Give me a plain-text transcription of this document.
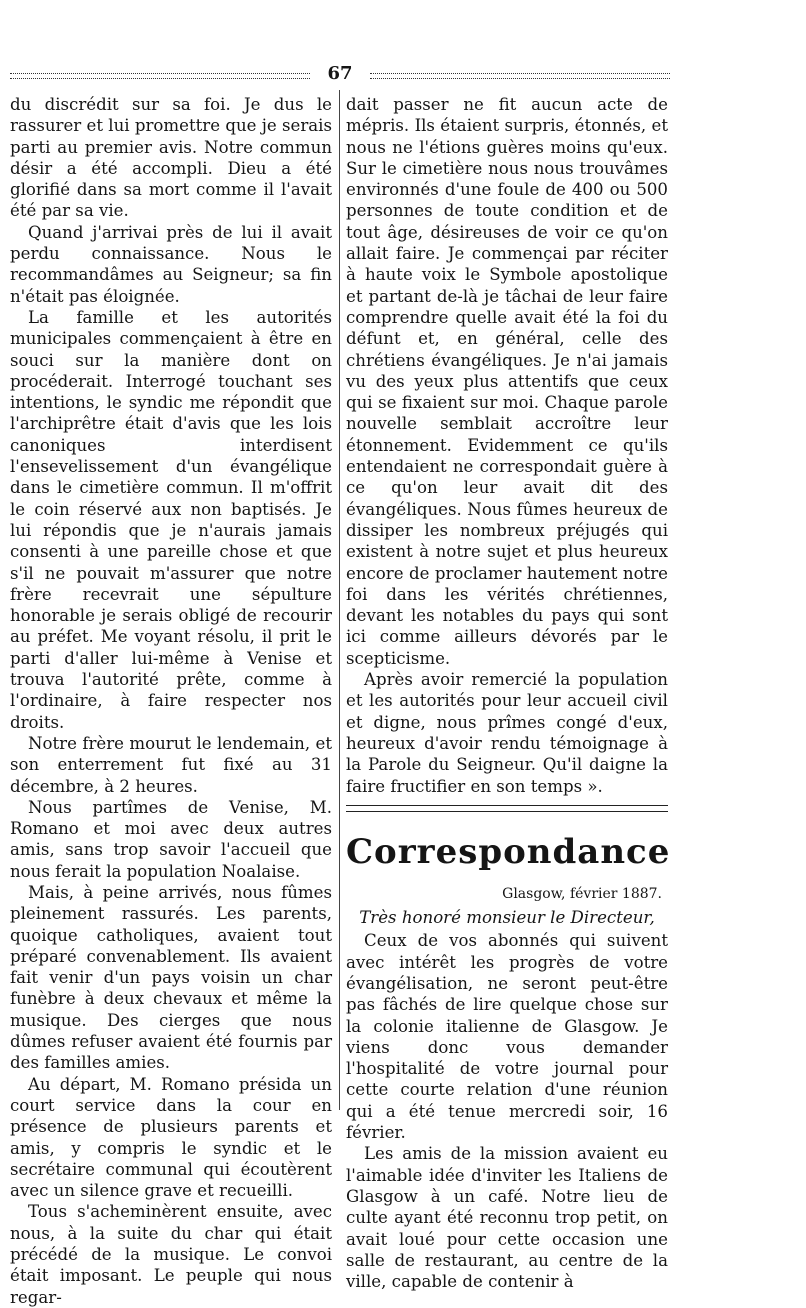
67

du discrédit sur sa foi. Je dus le rassurer et lui promettre que je serais parti au premier avis. Notre commun désir a été accompli. Dieu a été glorifié dans sa mort comme il l'avait été par sa vie.

Quand j'arrivai près de lui il avait perdu connaissance. Nous le recommandâmes au Seigneur; sa fin n'était pas éloignée.

La famille et les autorités municipales commençaient à être en souci sur la manière dont on procéderait. Interrogé touchant ses intentions, le syndic me répondit que l'archiprêtre était d'avis que les lois canoniques interdisent l'ensevelissement d'un évangélique dans le cimetière commun. Il m'offrit le coin réservé aux non baptisés. Je lui répondis que je n'aurais jamais consenti à une pareille chose et que s'il ne pouvait m'assurer que notre frère recevrait une sépulture honorable je serais obligé de recourir au préfet. Me voyant résolu, il prit le parti d'aller lui-même à Venise et trouva l'autorité prête, comme à l'ordinaire, à faire respecter nos droits.

Notre frère mourut le lendemain, et son enterrement fut fixé au 31 décembre, à 2 heures.

Nous partîmes de Venise, M. Romano et moi avec deux autres amis, sans trop savoir l'accueil que nous ferait la population Noalaise.

Mais, à peine arrivés, nous fûmes pleinement rassurés. Les parents, quoique catholiques, avaient tout préparé convenablement. Ils avaient fait venir d'un pays voisin un char funèbre à deux chevaux et même la musique. Des cierges que nous dûmes refuser avaient été fournis par des familles amies.

Au départ, M. Romano présida un court service dans la cour en présence de plusieurs parents et amis, y compris le syndic et le secrétaire communal qui écoutèrent avec un silence grave et recueilli.

Tous s'acheminèrent ensuite, avec nous, à la suite du char qui était précédé de la musique. Le convoi était imposant. Le peuple qui nous regar-

dait passer ne fit aucun acte de mépris. Ils étaient surpris, étonnés, et nous ne l'étions guères moins qu'eux. Sur le cimetière nous nous trouvâmes environnés d'une foule de 400 ou 500 personnes de toute condition et de tout âge, désireuses de voir ce qu'on allait faire. Je commençai par réciter à haute voix le Symbole apostolique et partant de-là je tâchai de leur faire comprendre quelle avait été la foi du défunt et, en général, celle des chrétiens évangéliques. Je n'ai jamais vu des yeux plus attentifs que ceux qui se fixaient sur moi. Chaque parole nouvelle semblait accroître leur étonnement. Evidemment ce qu'ils entendaient ne correspondait guère à ce qu'on leur avait dit des évangéliques. Nous fûmes heureux de dissiper les nombreux préjugés qui existent à notre sujet et plus heureux encore de proclamer hautement notre foi dans les vérités chrétiennes, devant les notables du pays qui sont ici comme ailleurs dévorés par le scepticisme.

Après avoir remercié la population et les autorités pour leur accueil civil et digne, nous prîmes congé d'eux, heureux d'avoir rendu témoignage à la Parole du Seigneur. Qu'il daigne la faire fructifier en son temps ».

Correspondance
Glasgow, février 1887.
Très honoré monsieur le Directeur,

Ceux de vos abonnés qui suivent avec intérêt les progrès de votre évangélisation, ne seront peut-être pas fâchés de lire quelque chose sur la colonie italienne de Glasgow. Je viens donc vous demander l'hospitalité de votre journal pour cette courte relation d'une réunion qui a été tenue mercredi soir, 16 février.

Les amis de la mission avaient eu l'aimable idée d'inviter les Italiens de Glasgow à un café. Notre lieu de culte ayant été reconnu trop petit, on avait loué pour cette occasion une salle de restaurant, au centre de la ville, capable de contenir à
